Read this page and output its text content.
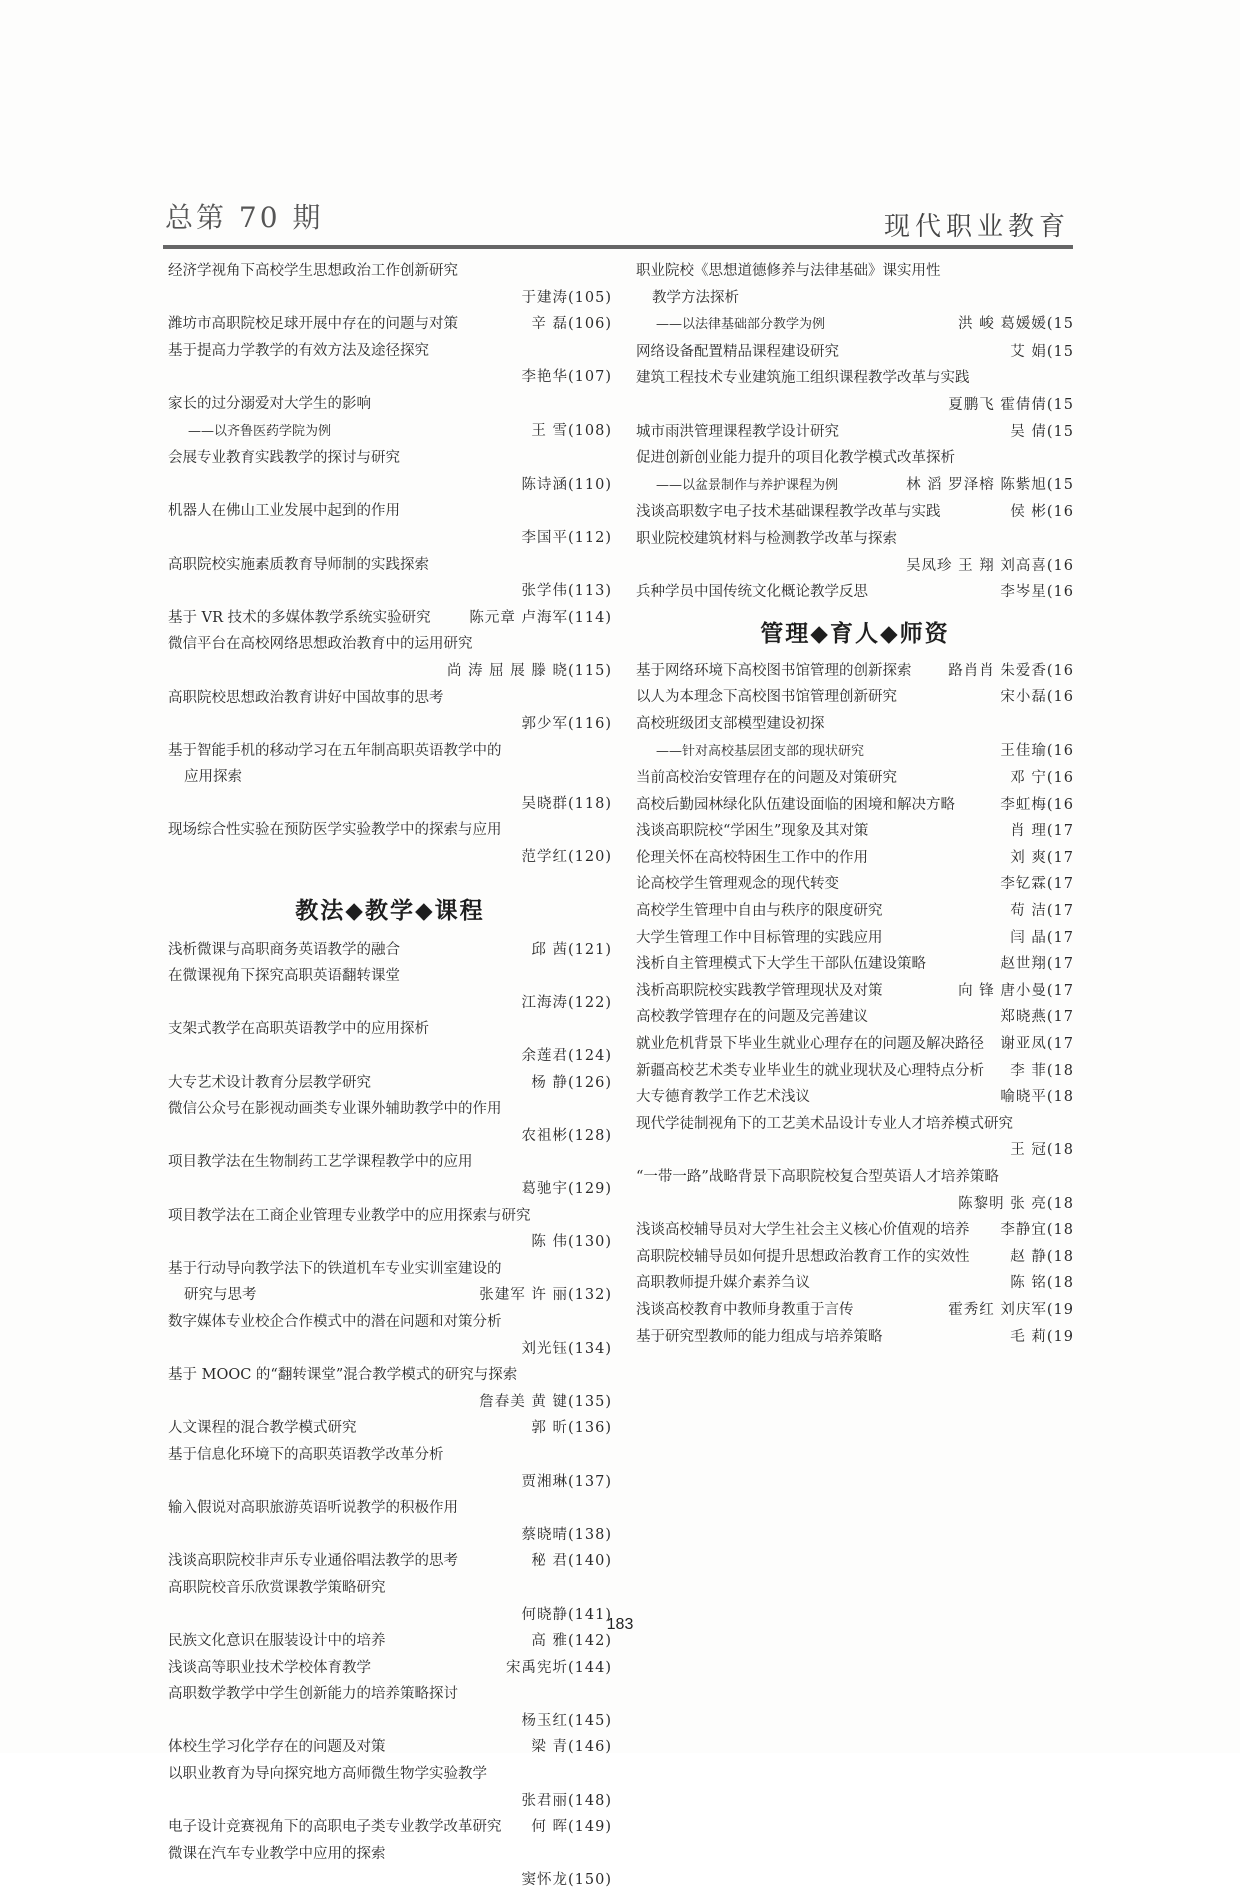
总第 70 期	现代职业教育
经济学视角下高校学生思想政治工作创新研究
于建涛(105)
潍坊市高职院校足球开展中存在的问题与对策	辛 磊(106)
基于提高力学教学的有效方法及途径探究
李艳华(107)
家长的过分溺爱对大学生的影响
——以齐鲁医药学院为例	王 雪(108)
会展专业教育实践教学的探讨与研究
陈诗涵(110)
机器人在佛山工业发展中起到的作用
李国平(112)
高职院校实施素质教育导师制的实践探索
张学伟(113)
基于 VR 技术的多媒体教学系统实验研究	陈元章 卢海军(114)
微信平台在高校网络思想政治教育中的运用研究
尚 涛 屈 展 滕 晓(115)
高职院校思想政治教育讲好中国故事的思考
郭少军(116)
基于智能手机的移动学习在五年制高职英语教学中的
应用探索
吴晓群(118)
现场综合性实验在预防医学实验教学中的探索与应用
范学红(120)
教法◆教学◆课程
浅析微课与高职商务英语教学的融合	邱 茜(121)
在微课视角下探究高职英语翻转课堂
江海涛(122)
支架式教学在高职英语教学中的应用探析
余莲君(124)
大专艺术设计教育分层教学研究	杨 静(126)
微信公众号在影视动画类专业课外辅助教学中的作用
农祖彬(128)
项目教学法在生物制药工艺学课程教学中的应用
葛驰宇(129)
项目教学法在工商企业管理专业教学中的应用探索与研究
陈 伟(130)
基于行动导向教学法下的铁道机车专业实训室建设的
研究与思考	张建军 许 丽(132)
数字媒体专业校企合作模式中的潜在问题和对策分析
刘光钰(134)
基于 MOOC 的“翻转课堂”混合教学模式的研究与探索
詹春美 黄 键(135)
人文课程的混合教学模式研究	郭 昕(136)
基于信息化环境下的高职英语教学改革分析
贾湘琳(137)
输入假说对高职旅游英语听说教学的积极作用
蔡晓晴(138)
浅谈高职院校非声乐专业通俗唱法教学的思考	秘 君(140)
高职院校音乐欣赏课教学策略研究
何晓静(141)
民族文化意识在服装设计中的培养	高 雅(142)
浅谈高等职业技术学校体育教学	宋禹宪圻(144)
高职数学教学中学生创新能力的培养策略探讨
杨玉红(145)
体校生学习化学存在的问题及对策	梁 青(146)
以职业教育为导向探究地方高师微生物学实验教学
张君丽(148)
电子设计竞赛视角下的高职电子类专业教学改革研究	何 晖(149)
微课在汽车专业教学中应用的探索
窦怀龙(150)
职业院校《思想道德修养与法律基础》课实用性
教学方法探析
——以法律基础部分教学为例	洪 峻 葛媛媛(15
网络设备配置精品课程建设研究	艾 娟(15
建筑工程技术专业建筑施工组织课程教学改革与实践
夏鹏飞 霍倩倩(15
城市雨洪管理课程教学设计研究	吴 倩(15
促进创新创业能力提升的项目化教学模式改革探析
——以盆景制作与养护课程为例	林 滔 罗泽榕 陈紫旭(15
浅谈高职数字电子技术基础课程教学改革与实践	侯 彬(16
职业院校建筑材料与检测教学改革与探索
吴凤珍 王 翔 刘高喜(16
兵种学员中国传统文化概论教学反思	李岑星(16
管理◆育人◆师资
基于网络环境下高校图书馆管理的创新探索	路肖肖 朱爱香(16
以人为本理念下高校图书馆管理创新研究	宋小磊(16
高校班级团支部模型建设初探
——针对高校基层团支部的现状研究	王佳瑜(16
当前高校治安管理存在的问题及对策研究	邓 宁(16
高校后勤园林绿化队伍建设面临的困境和解决方略	李虹梅(16
浅谈高职院校“学困生”现象及其对策	肖 理(17
伦理关怀在高校特困生工作中的作用	刘 爽(17
论高校学生管理观念的现代转变	李钇霖(17
高校学生管理中自由与秩序的限度研究	苟 洁(17
大学生管理工作中目标管理的实践应用	闫 晶(17
浅析自主管理模式下大学生干部队伍建设策略	赵世翔(17
浅析高职院校实践教学管理现状及对策	向 锋 唐小曼(17
高校教学管理存在的问题及完善建议	郑晓燕(17
就业危机背景下毕业生就业心理存在的问题及解决路径	谢亚凤(17
新疆高校艺术类专业毕业生的就业现状及心理特点分析	李 菲(18
大专德育教学工作艺术浅议	喻晓平(18
现代学徒制视角下的工艺美术品设计专业人才培养模式研究
王 冠(18
“一带一路”战略背景下高职院校复合型英语人才培养策略
陈黎明 张 亮(18
浅谈高校辅导员对大学生社会主义核心价值观的培养	李静宜(18
高职院校辅导员如何提升思想政治教育工作的实效性	赵 静(18
高职教师提升媒介素养刍议	陈 铭(18
浅谈高校教育中教师身教重于言传	霍秀红 刘庆军(19
基于研究型教师的能力组成与培养策略	毛 莉(19
183
